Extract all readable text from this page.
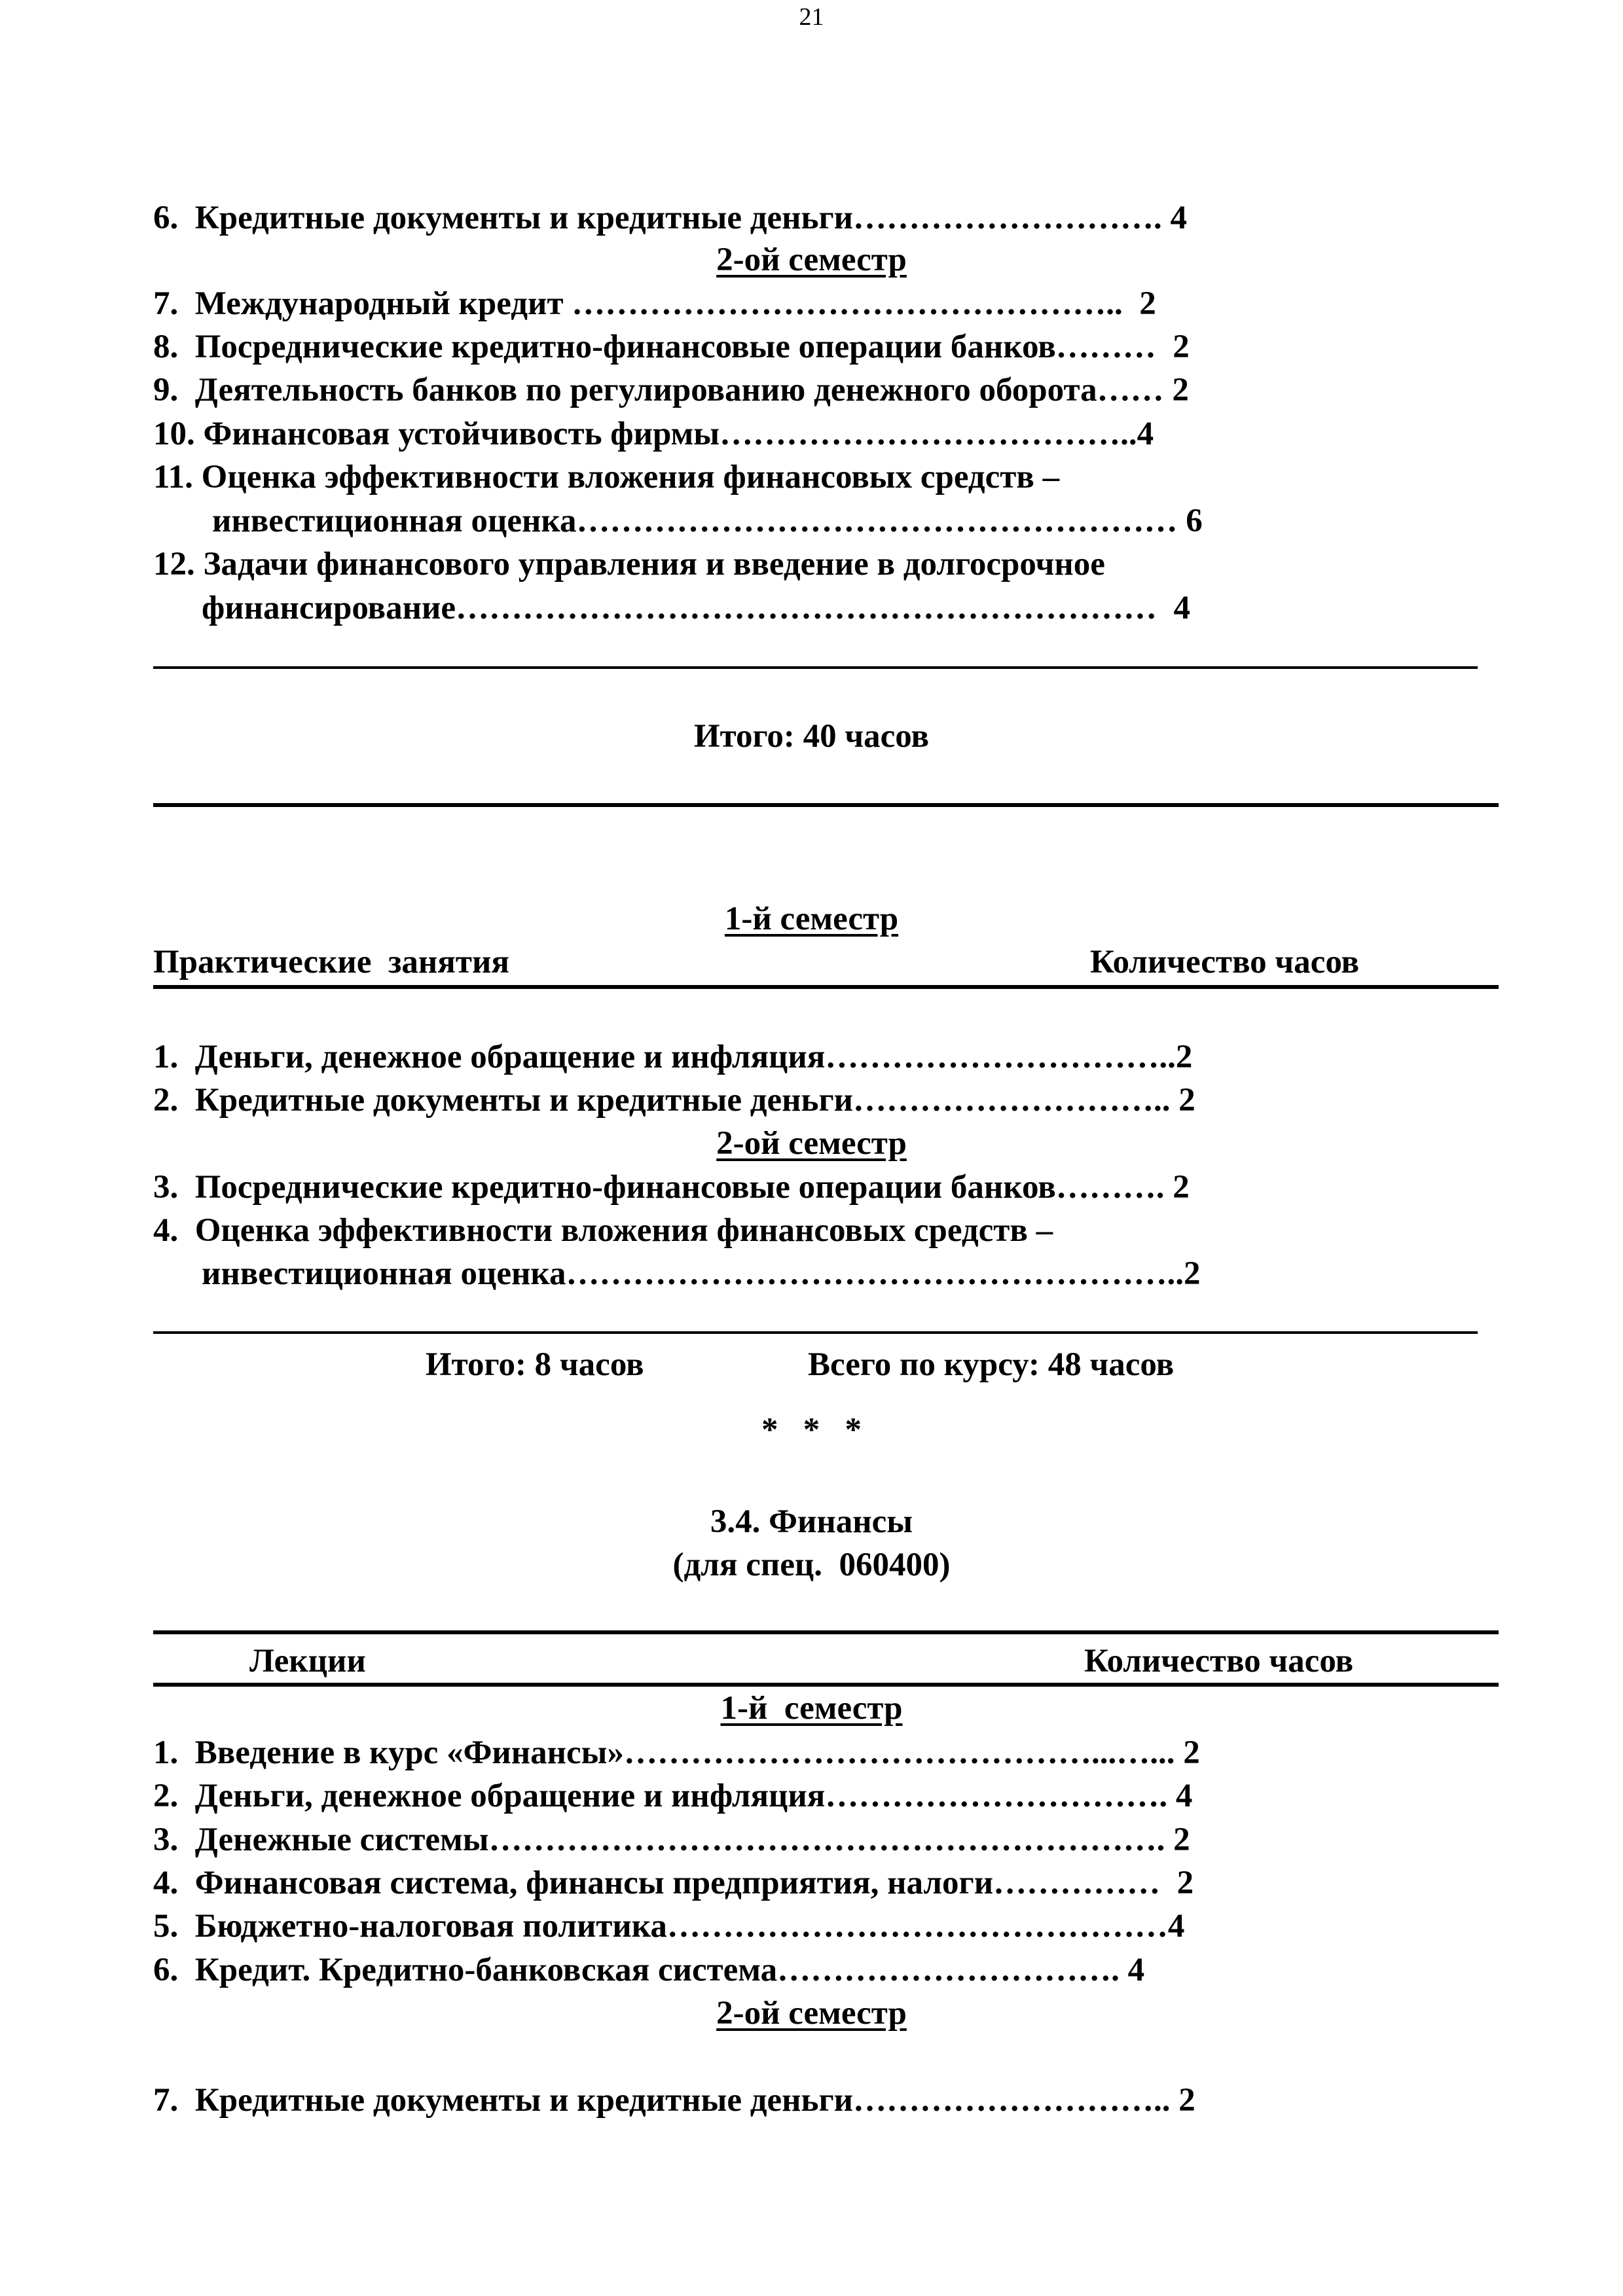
21

6.  Кредитные документы и кредитные деньги………………………. 4

2-ой семестр

7.  Международный кредит …………………………………………..  2

8.  Посреднические кредитно-финансовые операции банков………  2

9.  Деятельность банков по регулированию денежного оборота…… 2

10. Финансовая устойчивость фирмы………………………………..4

11. Оценка эффективности вложения финансовых средств –

инвестиционная оценка……………………………………………… 6

12. Задачи финансового управления и введение в долгосрочное

финансирование………………………………………………………  4

Итого: 40 часов

1-й семестр

Практические  занятия	Количество часов

1.  Деньги, денежное обращение и инфляция…………………………..2

2.  Кредитные документы и кредитные деньги……………………….. 2

2-ой семестр

3.  Посреднические кредитно-финансовые операции банков………. 2

4.  Оценка эффективности вложения финансовых средств –

инвестиционная оценка………………………………………………..2

Итого: 8 часов	Всего по курсу: 48 часов

*   *   *

3.4. Финансы

(для спец.  060400)

Лекции	Количество часов

1-й  семестр

1.  Введение в курс «Финансы»……………………………………...…... 2

2.  Деньги, денежное обращение и инфляция…………………………. 4

3.  Денежные системы……………………………………………………. 2

4.  Финансовая система, финансы предприятия, налоги……………  2

5.  Бюджетно-налоговая политика………………………………………4

6.  Кредит. Кредитно-банковская система…………………………. 4

2-ой семестр

7.  Кредитные документы и кредитные деньги……………………….. 2
